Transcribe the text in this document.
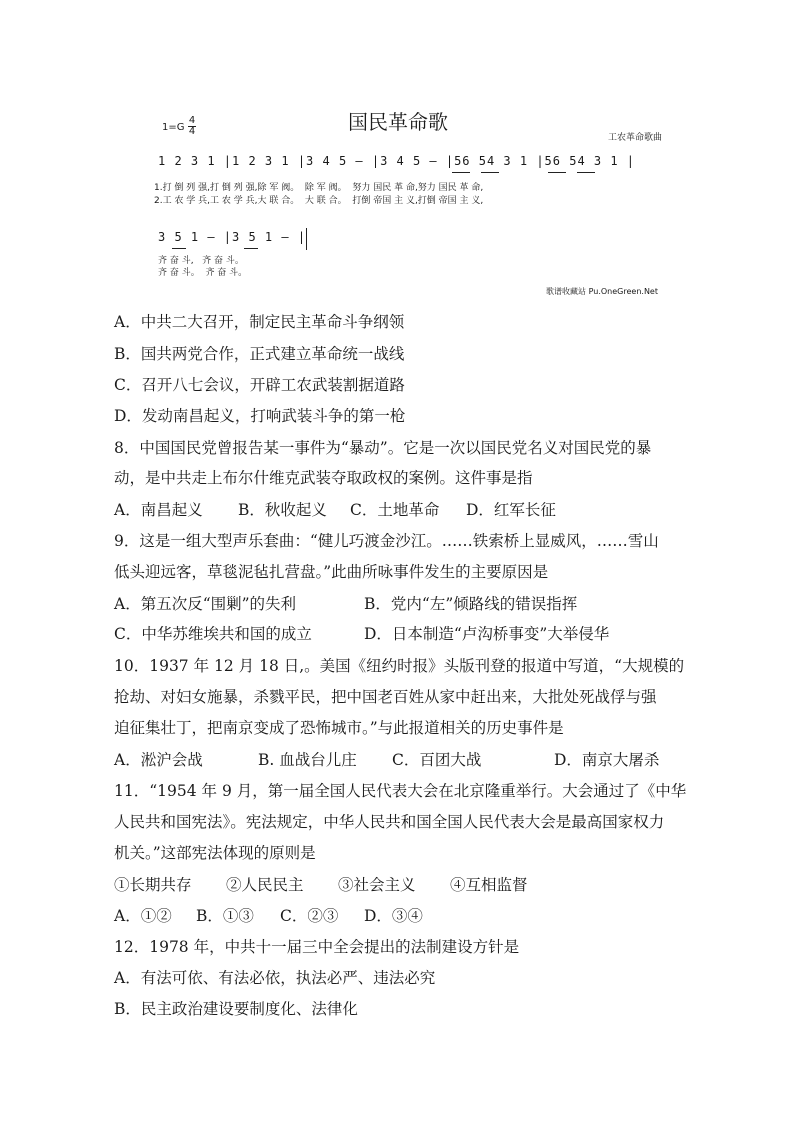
1=G
4
4	国民革命歌
工农革命歌曲
1 2 3 1 |1 2 3 1 |3 4 5 – |3 4 5 – |56 54 3 1 |56 54 3 1 |
1.打 倒 列 强,打 倒 列 强,除 军 阀。  除 军 阀。  努力 国民 革 命,努力 国民 革 命,
2.工 农 学 兵,工 农 学 兵,大 联 合。  大 联 合。  打倒 帝国 主 义,打倒 帝国 主 义,
3 5 1 – |3 5 1 – |
齐 奋 斗,   齐 奋 斗。
齐 奋 斗。  齐 奋 斗。
歌谱收藏站 Pu.OneGreen.Net
A．中共二大召开，制定民主革命斗争纲领
B．国共两党合作，正式建立革命统一战线
C．召开八七会议，开辟工农武装割据道路
D．发动南昌起义，打响武装斗争的第一枪
8．中国国民党曾报告某一事件为“暴动”。它是一次以国民党名义对国民党的暴
动，是中共走上布尔什维克武装夺取政权的案例。这件事是指
A．南昌起义 B．秋收起义 C．土地革命 D．红军长征
9．这是一组大型声乐套曲：“健儿巧渡金沙江。……铁索桥上显威风，……雪山
低头迎远客，草毯泥毡扎营盘。”此曲所咏事件发生的主要原因是
A．第五次反“围剿”的失利	B．党内“左”倾路线的错误指挥
C．中华苏维埃共和国的成立	D．日本制造“卢沟桥事变”大举侵华
10．1937 年 12 月 18 日,。美国《纽约时报》头版刊登的报道中写道，“大规模的
抢劫、对妇女施暴，杀戮平民，把中国老百姓从家中赶出来，大批处死战俘与强
迫征集壮丁，把南京变成了恐怖城市。”与此报道相关的历史事件是
A．淞沪会战	B. 血战台儿庄 C．百团大战	D．南京大屠杀
11．“1954 年 9 月，第一届全国人民代表大会在北京隆重举行。大会通过了《中华
人民共和国宪法》。宪法规定，中华人民共和国全国人民代表大会是最高国家权力
机关。”这部宪法体现的原则是
①长期共存 ②人民民主 ③社会主义 ④互相监督
A．①② B．①③ C．②③ D．③④
12．1978 年，中共十一届三中全会提出的法制建设方针是
A．有法可依、有法必依，执法必严、违法必究
B．民主政治建设要制度化、法律化
